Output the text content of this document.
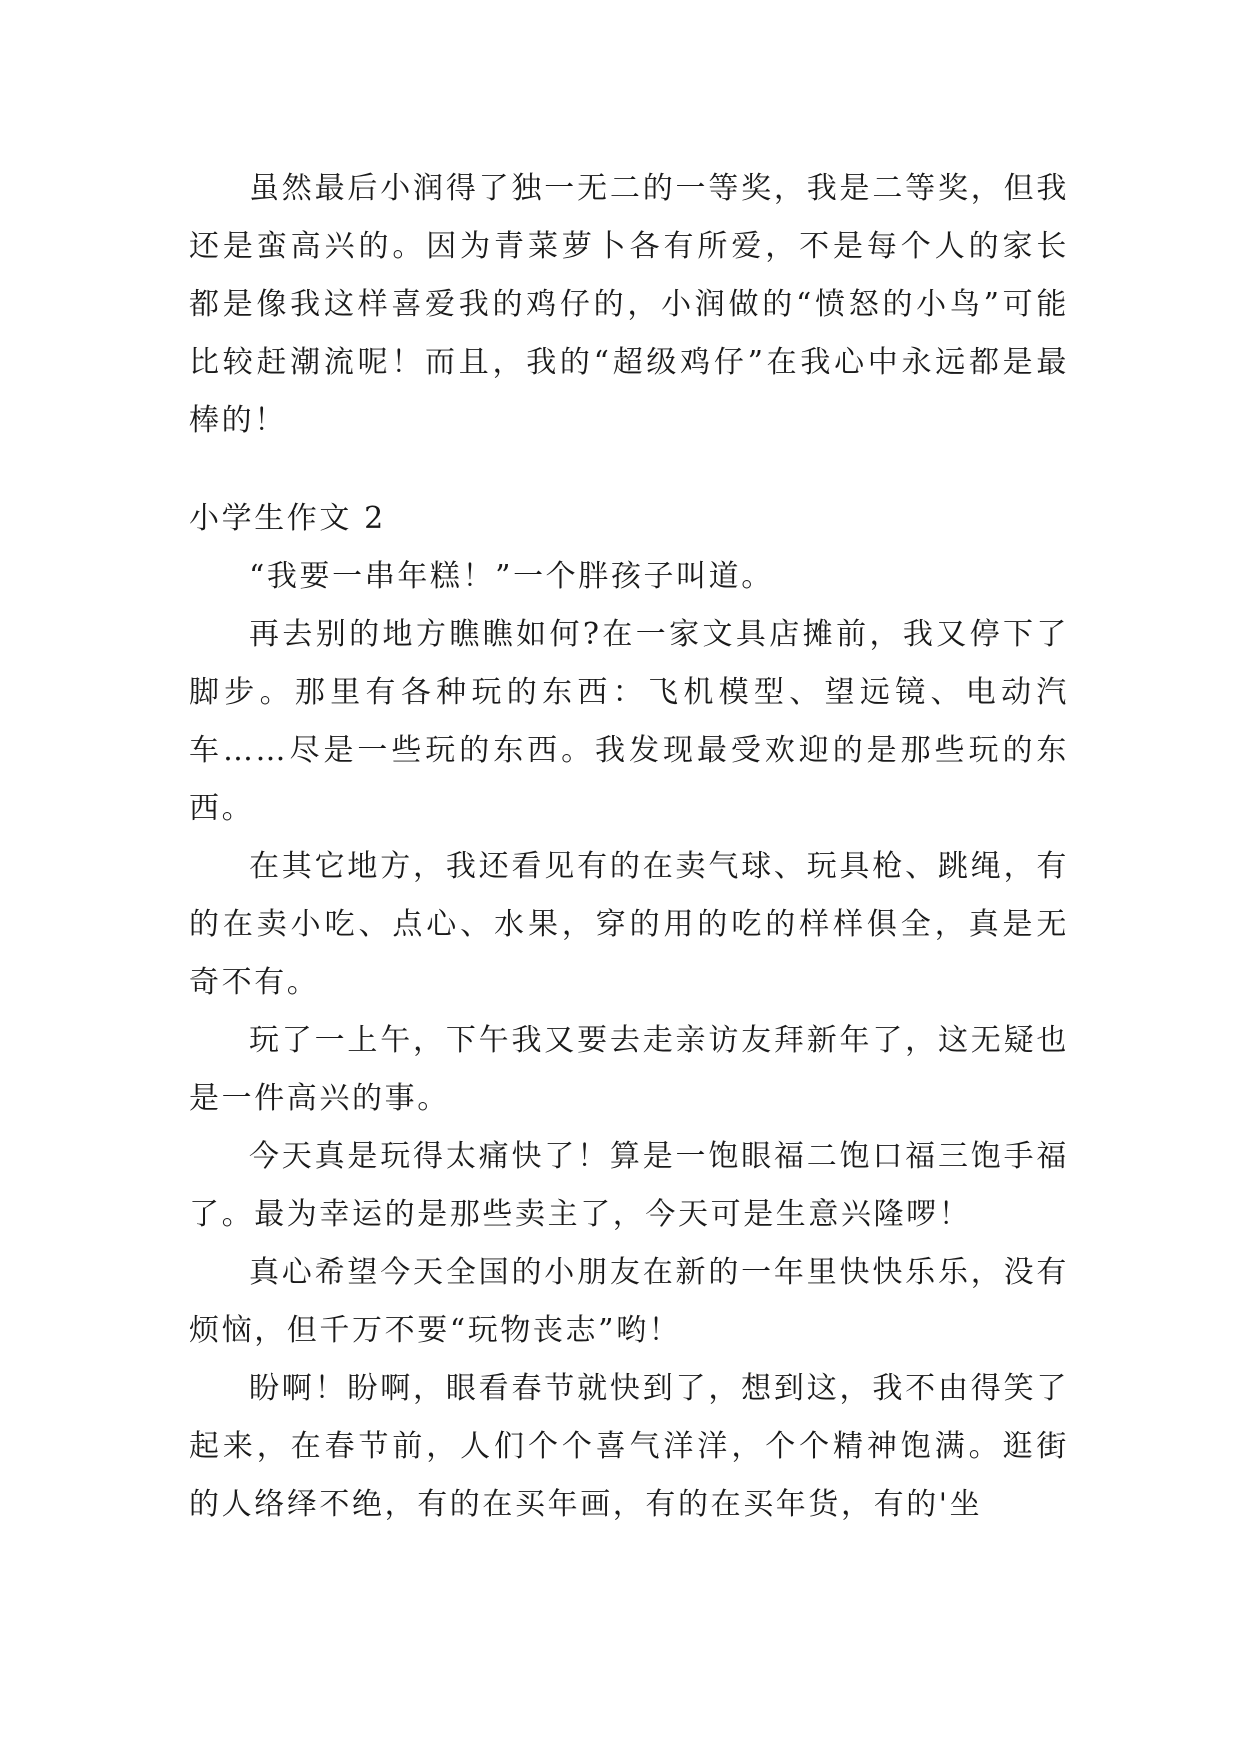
虽然最后小润得了独一无二的一等奖，我是二等奖，但我还是蛮高兴的。因为青菜萝卜各有所爱，不是每个人的家长都是像我这样喜爱我的鸡仔的，小润做的“愤怒的小鸟”可能比较赶潮流呢！而且，我的“超级鸡仔”在我心中永远都是最棒的！

小学生作文 2

“我要一串年糕！”一个胖孩子叫道。

再去别的地方瞧瞧如何?在一家文具店摊前，我又停下了脚步。那里有各种玩的东西：飞机模型、望远镜、电动汽车……尽是一些玩的东西。我发现最受欢迎的是那些玩的东西。

在其它地方，我还看见有的在卖气球、玩具枪、跳绳，有的在卖小吃、点心、水果，穿的用的吃的样样俱全，真是无奇不有。

玩了一上午，下午我又要去走亲访友拜新年了，这无疑也是一件高兴的事。

今天真是玩得太痛快了！算是一饱眼福二饱口福三饱手福了。最为幸运的是那些卖主了，今天可是生意兴隆啰！

真心希望今天全国的小朋友在新的一年里快快乐乐，没有烦恼，但千万不要“玩物丧志”哟！

盼啊！盼啊，眼看春节就快到了，想到这，我不由得笑了起来，在春节前，人们个个喜气洋洋，个个精神饱满。逛街的人络绎不绝，有的在买年画，有的在买年货，有的'坐
